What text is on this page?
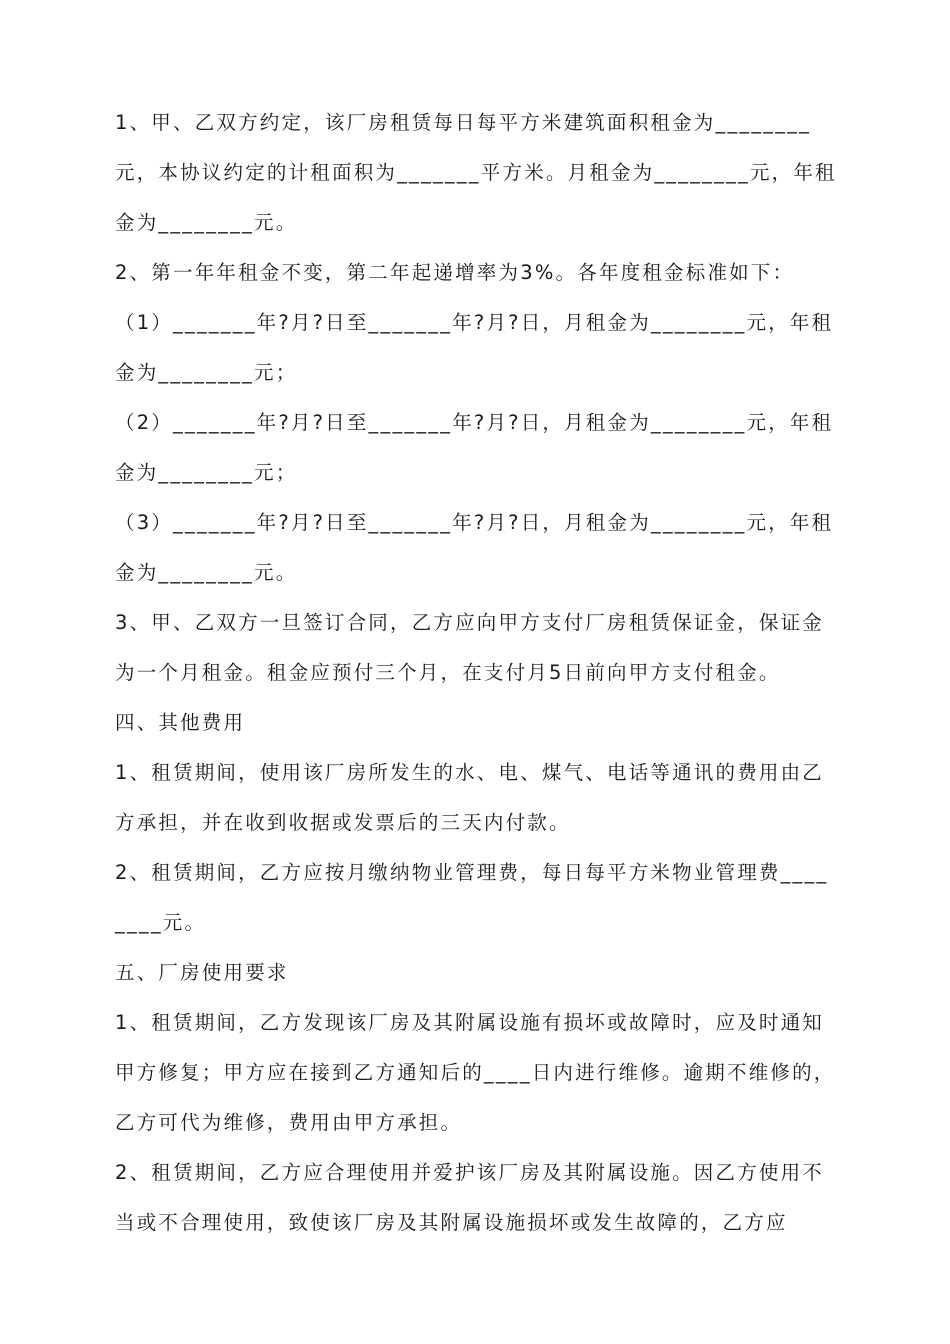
1、甲、乙双方约定，该厂房租赁每日每平方米建筑面积租金为________元，本协议约定的计租面积为_______平方米。月租金为________元，年租金为________元。

2、第一年年租金不变，第二年起递增率为3%。各年度租金标准如下：

（1）_______年?月?日至_______年?月?日，月租金为________元，年租金为________元；

（2）_______年?月?日至_______年?月?日，月租金为________元，年租金为________元；

（3）_______年?月?日至_______年?月?日，月租金为________元，年租金为________元。

3、甲、乙双方一旦签订合同，乙方应向甲方支付厂房租赁保证金，保证金为一个月租金。租金应预付三个月，在支付月5日前向甲方支付租金。

四、其他费用

1、租赁期间，使用该厂房所发生的水、电、煤气、电话等通讯的费用由乙方承担，并在收到收据或发票后的三天内付款。

2、租赁期间，乙方应按月缴纳物业管理费，每日每平方米物业管理费________元。

五、厂房使用要求

1、租赁期间，乙方发现该厂房及其附属设施有损坏或故障时，应及时通知甲方修复；甲方应在接到乙方通知后的____日内进行维修。逾期不维修的，乙方可代为维修，费用由甲方承担。

2、租赁期间，乙方应合理使用并爱护该厂房及其附属设施。因乙方使用不当或不合理使用，致使该厂房及其附属设施损坏或发生故障的，乙方应
